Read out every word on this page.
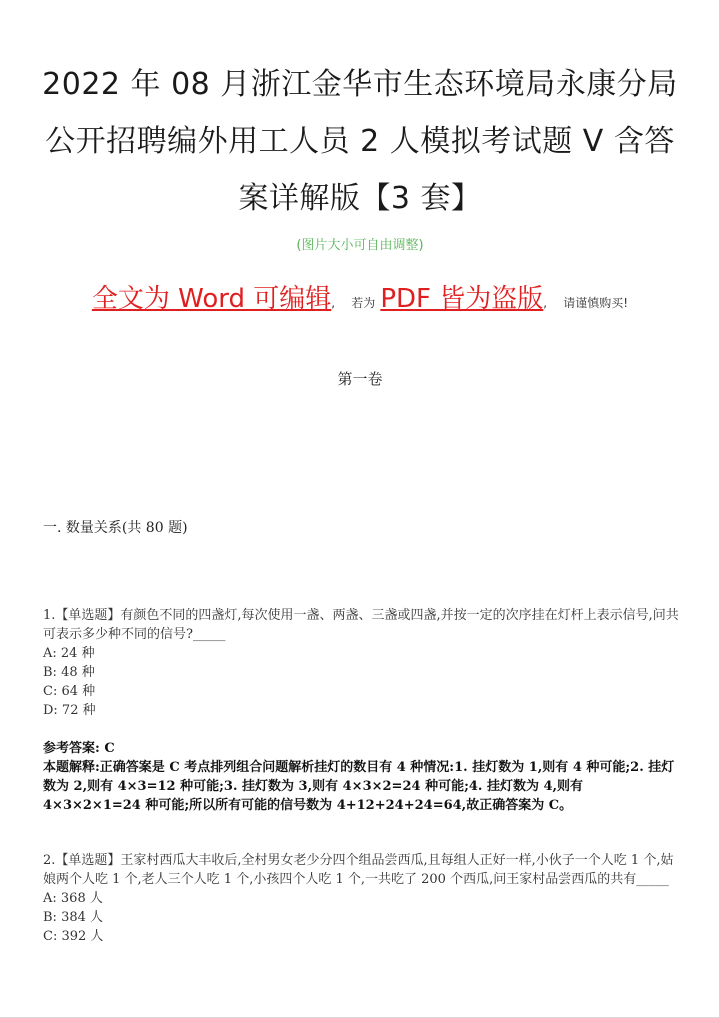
2022 年 08 月浙江金华市生态环境局永康分局
公开招聘编外用工人员 2 人模拟考试题 V 含答
案详解版【3 套】
(图片大小可自由调整)
全文为 Word 可编辑, 若为 PDF 皆为盗版, 请谨慎购买!
第一卷
一. 数量关系(共 80 题)

1.【单选题】有颜色不同的四盏灯,每次使用一盏、两盏、三盏或四盏,并按一定的次序挂在灯杆上表示信号,问共可表示多少种不同的信号?_____

A: 24 种

B: 48 种

C: 64 种

D: 72 种

参考答案: C

本题解释:正确答案是 C 考点排列组合问题解析挂灯的数目有 4 种情况:1. 挂灯数为 1,则有 4 种可能;2. 挂灯数为 2,则有 4×3=12 种可能;3. 挂灯数为 3,则有 4×3×2=24 种可能;4. 挂灯数为 4,则有 4×3×2×1=24 种可能;所以所有可能的信号数为 4+12+24+24=64,故正确答案为 C。

2.【单选题】王家村西瓜大丰收后,全村男女老少分四个组品尝西瓜,且每组人正好一样,小伙子一个人吃 1 个,姑娘两个人吃 1 个,老人三个人吃 1 个,小孩四个人吃 1 个,一共吃了 200 个西瓜,问王家村品尝西瓜的共有_____

A: 368 人

B: 384 人

C: 392 人
